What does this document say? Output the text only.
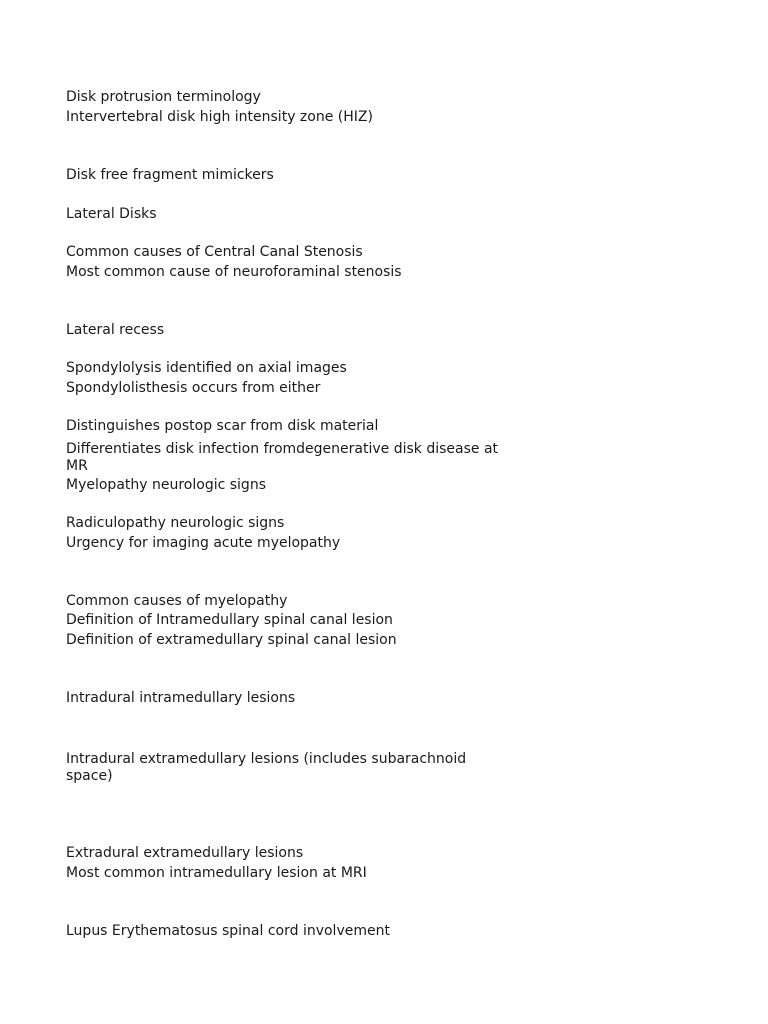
Disk protrusion terminology

Intervertebral disk high intensity zone (HIZ)

Disk free fragment mimickers

Lateral Disks

Common causes of Central Canal Stenosis

Most common cause of neuroforaminal stenosis

Lateral recess

Spondylolysis identified on axial images

Spondylolisthesis occurs from either

Distinguishes postop scar from disk material

Differentiates disk infection fromdegenerative disk disease at MR

Myelopathy neurologic signs

Radiculopathy neurologic signs

Urgency for imaging acute myelopathy

Common causes of myelopathy

Definition of Intramedullary spinal canal lesion

Definition of extramedullary spinal canal lesion

Intradural intramedullary lesions

Intradural extramedullary lesions (includes subarachnoid space)

Extradural extramedullary lesions

Most common intramedullary lesion at MRI

Lupus Erythematosus spinal cord involvement
